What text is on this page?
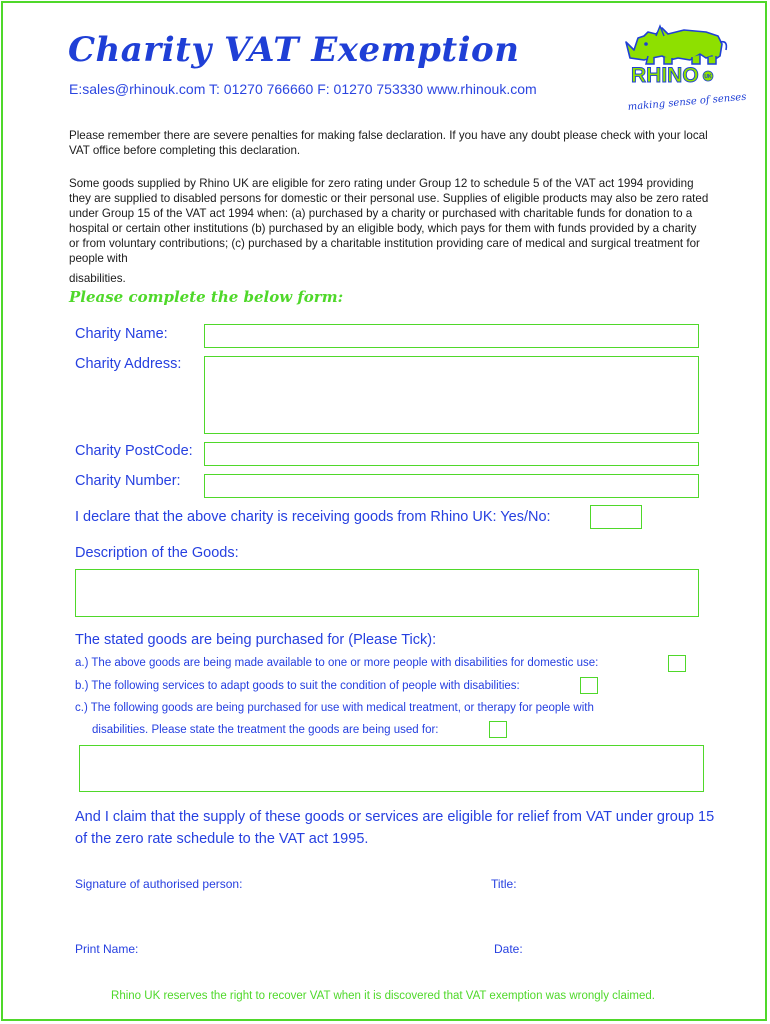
Charity VAT Exemption
E:sales@rhinouk.com T: 01270 766660 F: 01270 753330 www.rhinouk.com
RHINO UK
making sense of senses
Please remember there are severe penalties for making false declaration. If you have any doubt please check with your local VAT office before completing this declaration.
Some goods supplied by Rhino UK are eligible for zero rating under Group 12 to schedule 5 of the VAT act 1994 providing they are supplied to disabled persons for domestic or their personal use. Supplies of eligible products may also be zero rated under Group 15 of the VAT act 1994 when: (a) purchased by a charity or purchased with charitable funds for donation to a hospital or certain other institutions (b) purchased by an eligible body, which pays for them with funds provided by a charity or from voluntary contributions; (c) purchased by a charitable institution providing care of medical and surgical treatment for people with
disabilities.
Please complete the below form:
Charity Name:
Charity Address:
Charity PostCode:
Charity Number:
I declare that the above charity is receiving goods from Rhino UK: Yes/No:
Description of the Goods:
The stated goods are being purchased for (Please Tick):
a.) The above goods are being made available to one or more people with disabilities for domestic use:
b.) The following services to adapt goods to suit the condition of people with disabilities:
c.) The following goods are being purchased for use with medical treatment, or therapy for people with
disabilities. Please state the treatment the goods are being used for:
And I claim that the supply of these goods or services are eligible for relief from VAT under group 15 of the zero rate schedule to the VAT act 1995.
Signature of authorised person:	Title:
Print Name:	Date:
Rhino UK reserves the right to recover VAT when it is discovered that VAT exemption was wrongly claimed.
